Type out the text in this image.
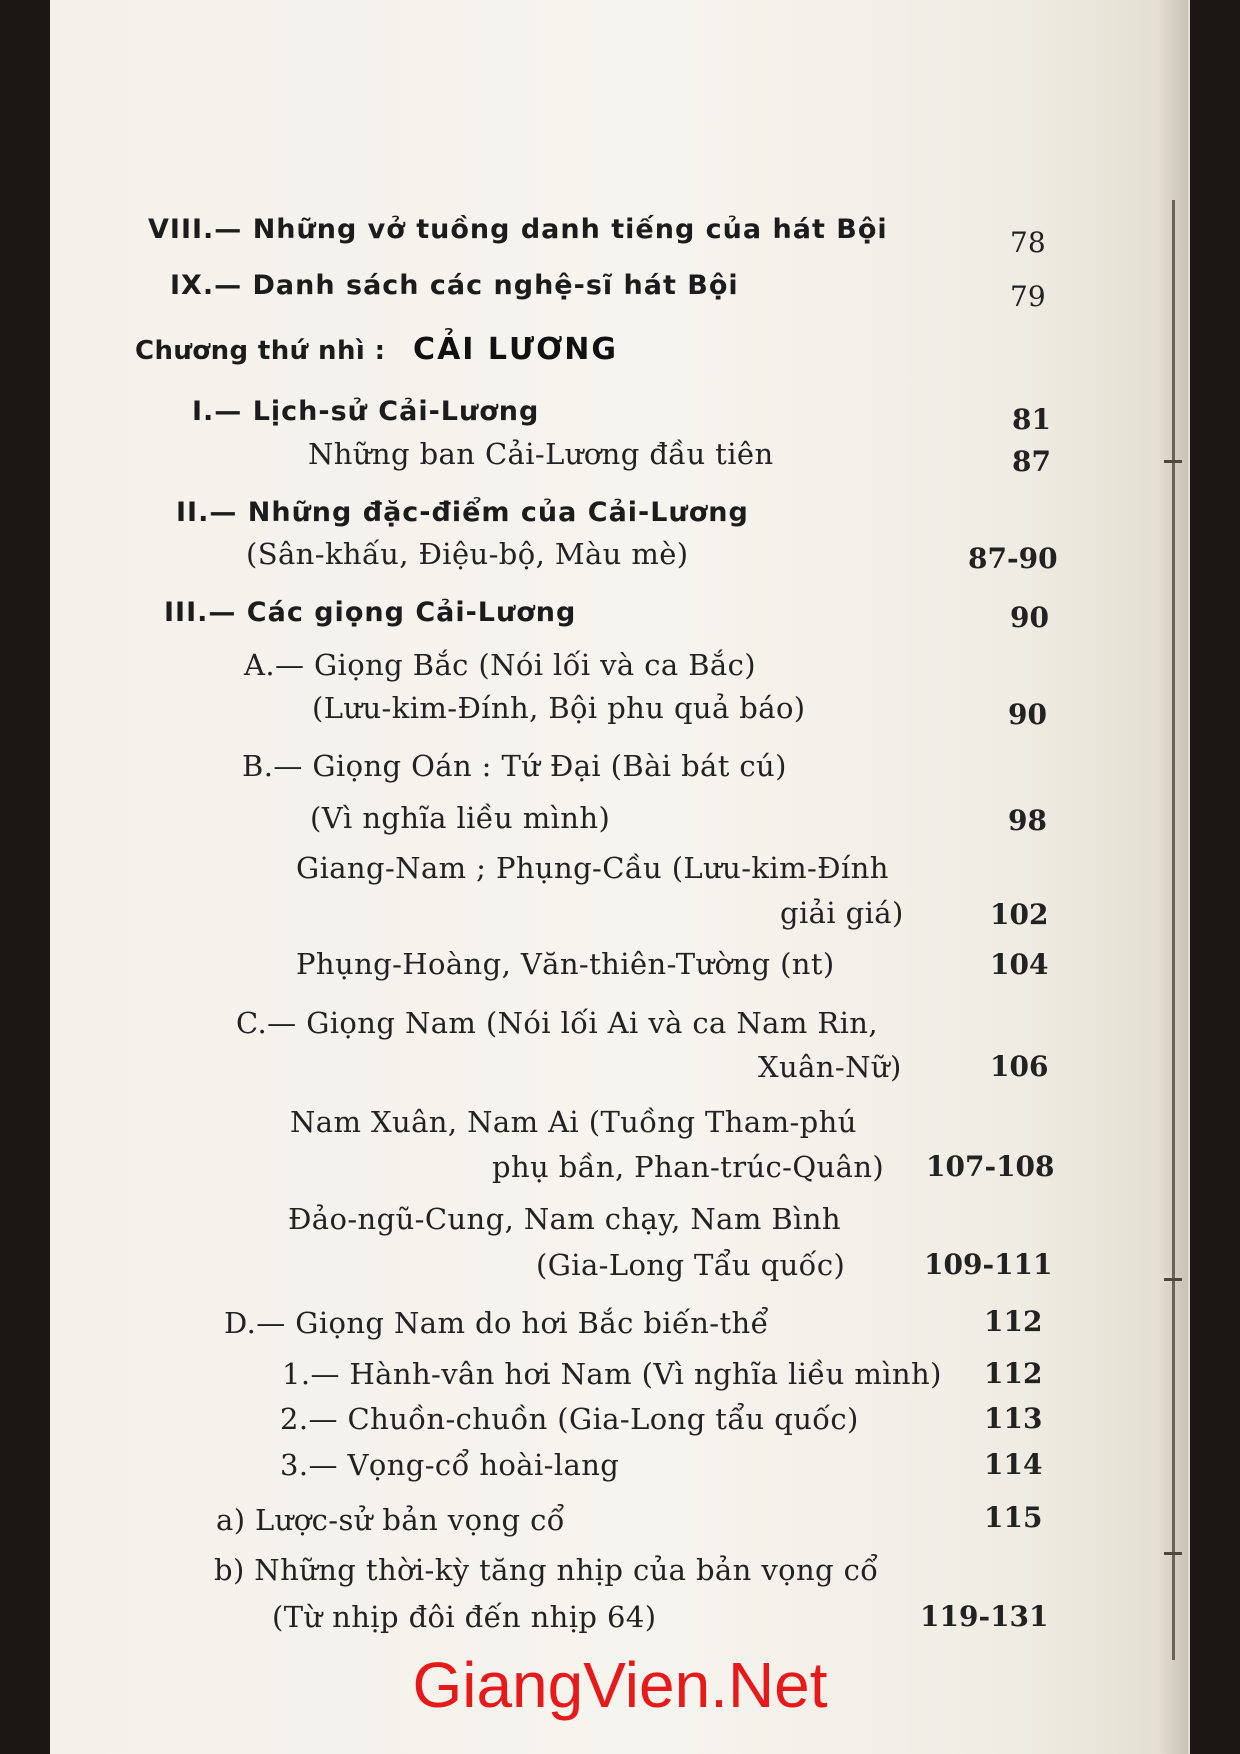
VIII.— Những vở tuồng danh tiếng của hát Bội	78
IX.— Danh sách các nghệ-sĩ hát Bội	79
Chương thứ nhì : CẢI LƯƠNG
I.— Lịch-sử Cải-Lương	81
Những ban Cải-Lương đầu tiên	87
II.— Những đặc-điểm của Cải-Lương
(Sân-khấu, Điệu-bộ, Màu mè)	87-90
III.— Các giọng Cải-Lương	90
A.— Giọng Bắc (Nói lối và ca Bắc)
(Lưu-kim-Đính, Bội phu quả báo)	90
B.— Giọng Oán : Tứ Đại (Bài bát cú)
(Vì nghĩa liều mình)	98
Giang-Nam ; Phụng-Cầu (Lưu-kim-Đính
giải giá)	102
Phụng-Hoàng, Văn-thiên-Tường (nt)	104
C.— Giọng Nam (Nói lối Ai và ca Nam Rin,
Xuân-Nữ)	106
Nam Xuân, Nam Ai (Tuồng Tham-phú
phụ bần, Phan-trúc-Quân) 107-108
Đảo-ngũ-Cung, Nam chạy, Nam Bình
(Gia-Long Tẩu quốc)	109-111
D.— Giọng Nam do hơi Bắc biến-thể	112
1.— Hành-vân hơi Nam (Vì nghĩa liều mình) 112
2.— Chuồn-chuồn (Gia-Long tẩu quốc)	113
3.— Vọng-cổ hoài-lang	114
a) Lược-sử bản vọng cổ	115
b) Những thời-kỳ tăng nhịp của bản vọng cổ
(Từ nhịp đôi đến nhịp 64)	119-131
GiangVien.Net
